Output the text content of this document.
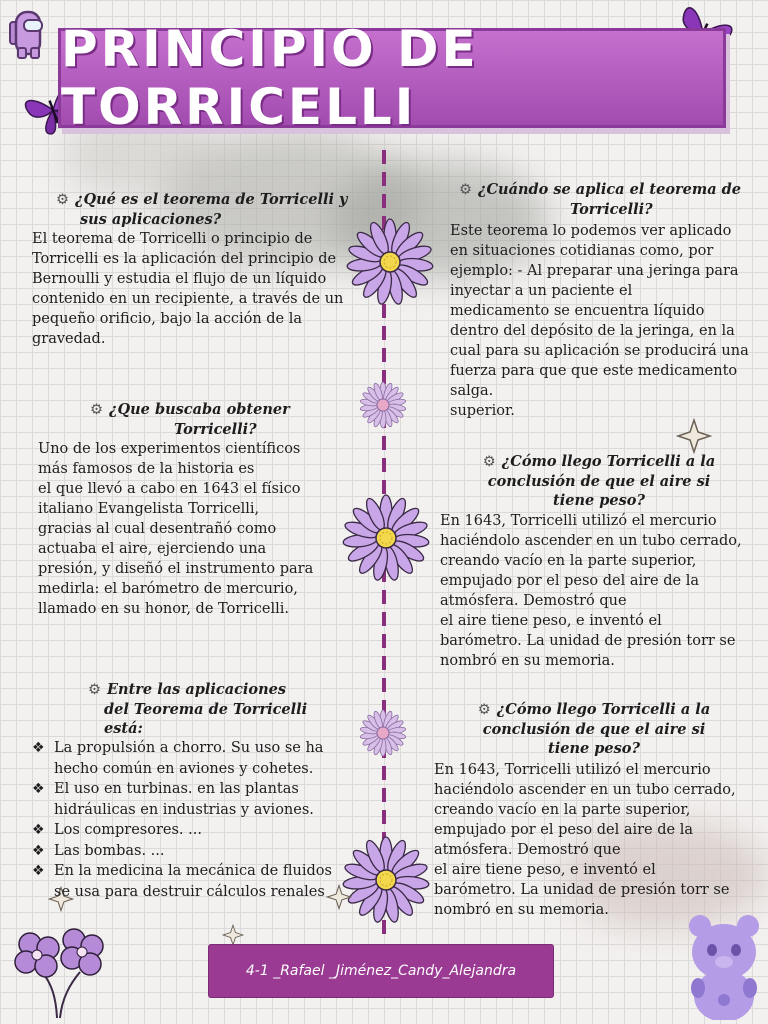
PRINCIPIO DE TORRICELLI
⚙ ¿Qué es el teorema de Torricelli y
sus aplicaciones?
El teorema de Torricelli o principio de
Torricelli es la aplicación del principio de
Bernoulli y estudia el flujo de un líquido
contenido en un recipiente, a través de un
pequeño orificio, bajo la acción de la
gravedad.
⚙ ¿Cuándo se aplica el teorema de
Torricelli?
Este teorema lo podemos ver aplicado
en situaciones cotidianas como, por
ejemplo: - Al preparar una jeringa para
inyectar a un paciente el
medicamento se encuentra líquido
dentro del depósito de la jeringa, en la
cual para su aplicación se producirá una
fuerza para que que este medicamento
salga.
superior.
⚙ ¿Que buscaba obtener
Torricelli?
Uno de los experimentos científicos
más famosos de la historia es
el que llevó a cabo en 1643 el físico
italiano Evangelista Torricelli,
gracias al cual desentrañó como
actuaba el aire, ejerciendo una
presión, y diseñó el instrumento para
medirla: el barómetro de mercurio,
llamado en su honor, de Torricelli.
⚙ ¿Cómo llego Torricelli a la
conclusión de que el aire si
tiene peso?
En 1643, Torricelli utilizó el mercurio
haciéndolo ascender en un tubo cerrado,
creando vacío en la parte superior,
empujado por el peso del aire de la
atmósfera. Demostró que
el aire tiene peso, e inventó el
barómetro. La unidad de presión torr se
nombró en su memoria.
⚙ Entre las aplicaciones
del Teorema de Torricelli está:
❖ La propulsión a chorro. Su uso se ha
hecho común en aviones y cohetes.
❖ El uso en turbinas. en las plantas
hidráulicas en industrias y aviones.
❖ Los compresores. ...
❖ Las bombas. ...
❖ En la medicina la mecánica de fluidos
se usa para destruir cálculos renales
⚙ ¿Cómo llego Torricelli a la
conclusión de que el aire si
tiene peso?
En 1643, Torricelli utilizó el mercurio
haciéndolo ascender en un tubo cerrado,
creando vacío en la parte superior,
empujado por el peso del aire de la
atmósfera. Demostró que
el aire tiene peso, e inventó el
barómetro. La unidad de presión torr se
nombró en su memoria.
4-1 _Rafael _Jiménez_Candy_Alejandra
